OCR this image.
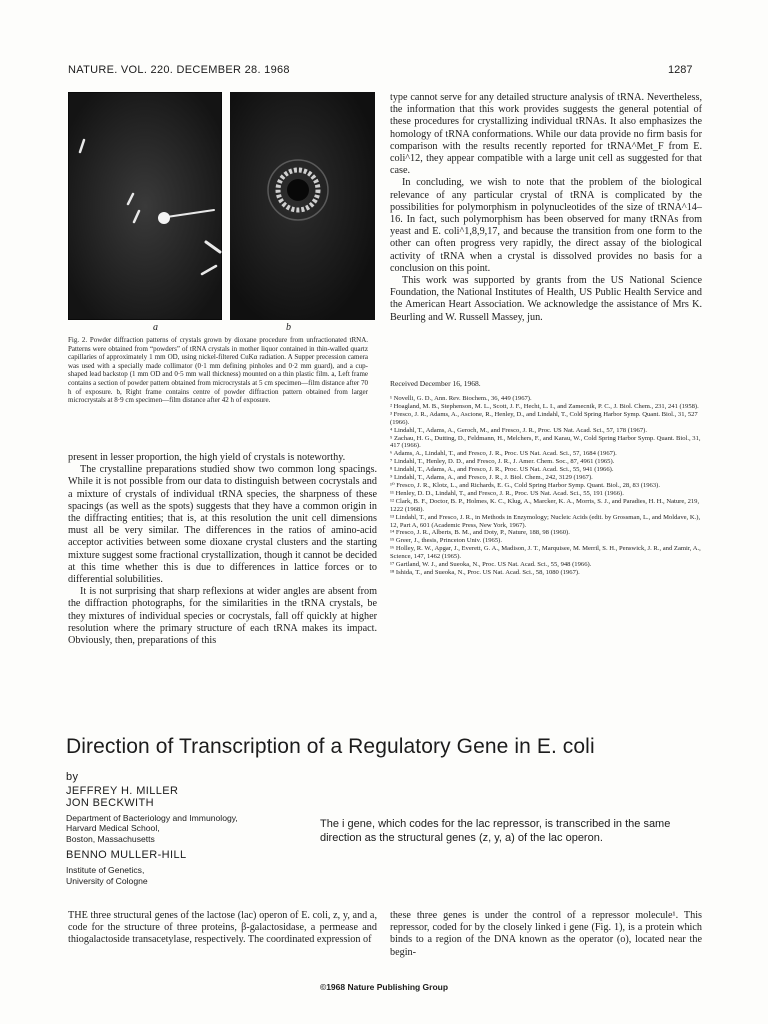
NATURE. VOL. 220. DECEMBER 28. 1968	1287
a	b
Fig. 2. Powder diffraction patterns of crystals grown by dioxane procedure from unfractionated tRNA. Patterns were obtained from “powders” of tRNA crystals in mother liquor contained in thin-walled quartz capillaries of approximately 1 mm OD, using nickel-filtered CuKα radiation. A Supper precession camera was used with a specially made collimator (0·1 mm defining pinholes and 0·2 mm guard), and a cup-shaped lead backstop (1 mm OD and 0·5 mm wall thickness) mounted on a thin plastic film. a, Left frame contains a section of powder pattern obtained from microcrystals at 5 cm specimen—film distance after 70 h of exposure. b, Right frame contains centre of powder diffraction pattern obtained from larger microcrystals at 8·9 cm specimen—film distance after 42 h of exposure.

present in lesser proportion, the high yield of crystals is noteworthy.

The crystalline preparations studied show two common long spacings. While it is not possible from our data to distinguish between cocrystals and a mixture of crystals of individual tRNA species, the sharpness of these spacings (as well as the spots) suggests that they have a common origin in the diffracting entities; that is, at this resolution the unit cell dimensions must all be very similar. The differences in the ratios of amino-acid acceptor activities between some dioxane crystal clusters and the starting mixture suggest some fractional crystallization, though it cannot be decided at this time whether this is due to differences in lattice forces or to differential solubilities.

It is not surprising that sharp reflexions at wider angles are absent from the diffraction photographs, for the similarities in the tRNA crystals, be they mixtures of individual species or cocrystals, fall off quickly at higher resolution where the primary structure of each tRNA makes its impact. Obviously, then, preparations of this

type cannot serve for any detailed structure analysis of tRNA. Nevertheless, the information that this work provides suggests the general potential of these procedures for crystallizing individual tRNAs. It also emphasizes the homology of tRNA conformations. While our data provide no firm basis for comparison with the results recently reported for tRNA^Met_F from E. coli^12, they appear compatible with a large unit cell as suggested for that case.

In concluding, we wish to note that the problem of the biological relevance of any particular crystal of tRNA is complicated by the possibilities for polymorphism in polynucleotides of the size of tRNA^14–16. In fact, such polymorphism has been observed for many tRNAs from yeast and E. coli^1,8,9,17, and because the transition from one form to the other can often progress very rapidly, the direct assay of the biological activity of tRNA when a crystal is dissolved provides no basis for a conclusion on this point.

This work was supported by grants from the US National Science Foundation, the National Institutes of Health, US Public Health Service and the American Heart Association. We acknowledge the assistance of Mrs K. Beurling and W. Russell Massey, jun.

Received December 16, 1968.
¹ Novelli, G. D., Ann. Rev. Biochem., 36, 449 (1967).
² Hoagland, M. B., Stephenson, M. L., Scott, J. F., Hecht, L. I., and Zamecnik, P. C., J. Biol. Chem., 231, 241 (1958).
³ Fresco, J. R., Adams, A., Ascione, R., Henley, D., and Lindahl, T., Cold Spring Harbor Symp. Quant. Biol., 31, 527 (1966).
⁴ Lindahl, T., Adams, A., Geroch, M., and Fresco, J. R., Proc. US Nat. Acad. Sci., 57, 178 (1967).
⁵ Zachau, H. G., Dutting, D., Feldmann, H., Melchers, F., and Karau, W., Cold Spring Harbor Symp. Quant. Biol., 31, 417 (1966).
⁶ Adams, A., Lindahl, T., and Fresco, J. R., Proc. US Nat. Acad. Sci., 57, 1684 (1967).
⁷ Lindahl, T., Henley, D. D., and Fresco, J. R., J. Amer. Chem. Soc., 87, 4961 (1965).
⁸ Lindahl, T., Adams, A., and Fresco, J. R., Proc. US Nat. Acad. Sci., 55, 941 (1966).
⁹ Lindahl, T., Adams, A., and Fresco, J. R., J. Biol. Chem., 242, 3129 (1967).
¹⁰ Fresco, J. R., Klotz, L., and Richards, E. G., Cold Spring Harbor Symp. Quant. Biol., 28, 83 (1963).
¹¹ Henley, D. D., Lindahl, T., and Fresco, J. R., Proc. US Nat. Acad. Sci., 55, 191 (1966).
¹² Clark, B. F., Doctor, B. P., Holmes, K. C., Klug, A., Marcker, K. A., Morris, S. J., and Paradies, H. H., Nature, 219, 1222 (1968).
¹³ Lindahl, T., and Fresco, J. R., in Methods in Enzymology; Nucleic Acids (edit. by Grossman, L., and Moldave, K.), 12, Part A, 601 (Academic Press, New York, 1967).
¹⁴ Fresco, J. R., Alberts, B. M., and Doty, P., Nature, 188, 98 (1960).
¹⁵ Greer, J., thesis, Princeton Univ. (1965).
¹⁶ Holley, R. W., Apgar, J., Everett, G. A., Madison, J. T., Marquisee, M. Merril, S. H., Penswick, J. R., and Zamir, A., Science, 147, 1462 (1965).
¹⁷ Gartland, W. J., and Sueoka, N., Proc. US Nat. Acad. Sci., 55, 948 (1966).
¹⁸ Ishida, T., and Sueoka, N., Proc. US Nat. Acad. Sci., 58, 1080 (1967).
Direction of Transcription of a Regulatory Gene in E. coli
by
JEFFREY H. MILLER
JON BECKWITH
Department of Bacteriology and Immunology,
Harvard Medical School,
Boston, Massachusetts
BENNO MULLER-HILL
Institute of Genetics,
University of Cologne
The i gene, which codes for the lac repressor, is transcribed in the same direction as the structural genes (z, y, a) of the lac operon.
THE three structural genes of the lactose (lac) operon of E. coli, z, y, and a, code for the structure of three proteins, β-galactosidase, a permease and thiogalactoside transacetylase, respectively. The coordinated expression of
these three genes is under the control of a repressor molecule¹. This repressor, coded for by the closely linked i gene (Fig. 1), is a protein which binds to a region of the DNA known as the operator (o), located near the begin-
©1968 Nature Publishing Group
